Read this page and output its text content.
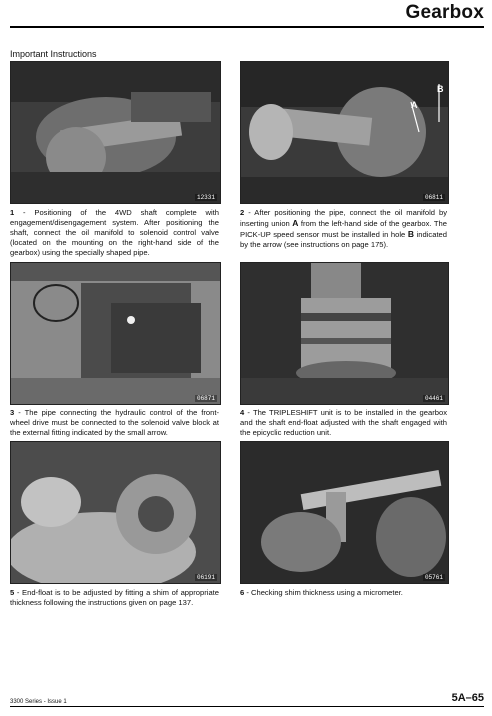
Gearbox
Important Instructions
12331
A
B
06811
1 - Positioning of the 4WD shaft complete with engagement/disengagement system. After positioning the shaft, connect the oil manifold to solenoid control valve (located on the mounting on the right-hand side of the gearbox) using the specially shaped pipe.
2 - After positioning the pipe, connect the oil manifold by inserting union A from the left-hand side of the gearbox. The PICK-UP speed sensor must be installed in hole B indicated by the arrow (see instructions on page 175).
06871	04461
3 - The pipe connecting the hydraulic control of the front-wheel drive must be connected to the solenoid valve block at the external fitting indicated by the small arrow.
4 - The TRIPLESHIFT unit is to be installed in the gearbox and the shaft end-float adjusted with the shaft engaged with the epicyclic reduction unit.
06191	05761
5 - End-float is to be adjusted by fitting a shim of appropriate thickness following the instructions given on page 137.
6 - Checking shim thickness using a micrometer.
3300 Series - Issue 1	5A–65
